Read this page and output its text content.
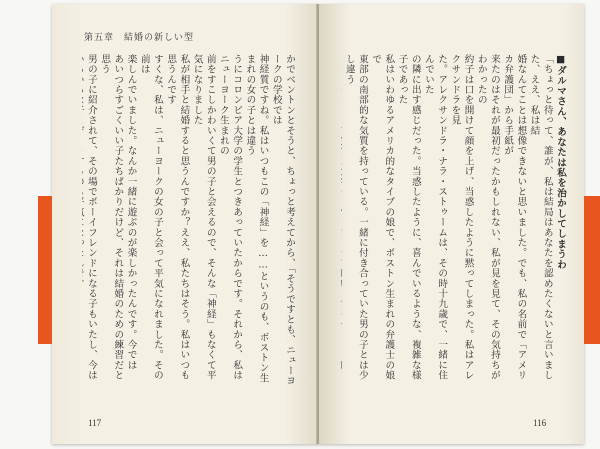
第五章　結婚の新しい型
かでベントンとそうと、ちょっと考えてから、「そうですとも、ニューヨークの学校では
神経質ですね。私はいつもこの「神経」を……というのも、ボストン生まれの女の子とは違う
うにコロンビア大学の学生とつきあっていたからです。それから、私はニューヨーク生まれの
前をすこしかわいくて男の子と会えるので、そんな「神経」もなくて平気になりました
私が相手と結婚すると思うんですか？ええ、私たちはそう。私はいつも思うんです
すくな、私は、ニューヨークの女の子と会って平気になれました。その前は
楽しんでいました。なんか一緒に遊ぶのが楽しかったんです。今では
あいつらすごくいい子たちばかりだけど、それは結婚のための練習だと思う
男の子に紹介されて、その場でボーイフレンドになる子もいたし、今は
117
■ダルマさん、あなたは私を治かしてしまうわ
「ちょっと待って、誰が、私は結局はあなたを認めたくないと言いました、ええ、私は結
婚なんてことは想像できないと思いました。でも、私の名前で「アメリカ弁護団」から手紙が
来たのはそれが最初だったかもしれない、私が見を見て、その気持ちがわかったの
約子は口を開けて顔を上げ、当惑したように黙ってしまった。私はアレクサンドラを見
た。アレクサンドラ・ナラ・ストゥームは、その時十九歳で、一緒に住んでいた
の隣に出す感じだった。当惑したように、喜んでいるような、複雑な様子であった
私はいわゆるアメリカ的なタイプの娘で、ボストン生まれの弁護士の娘で
東部の南部的な気質を持っている。一緒に付き合っていた男の子とは少し違う
116
